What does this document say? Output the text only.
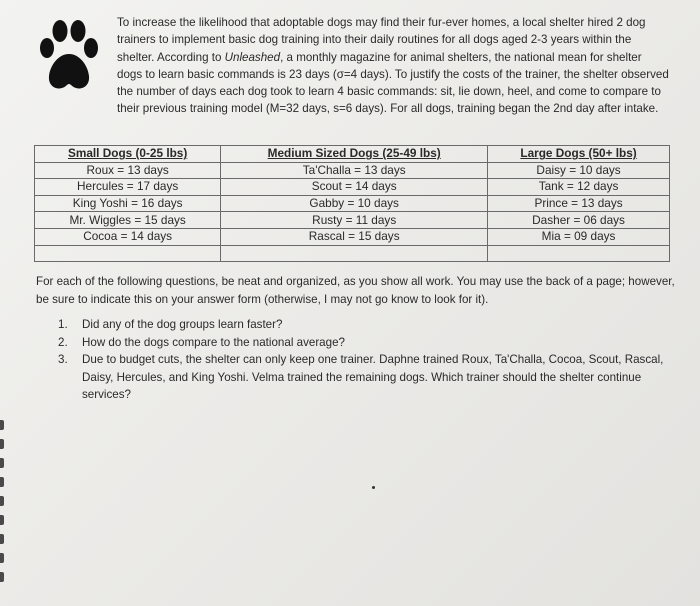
To increase the likelihood that adoptable dogs may find their fur-ever homes, a local shelter hired 2 dog trainers to implement basic dog training into their daily routines for all dogs aged 2-3 years within the shelter. According to Unleashed, a monthly magazine for animal shelters, the national mean for shelter dogs to learn basic commands is 23 days (σ=4 days). To justify the costs of the trainer, the shelter observed the number of days each dog took to learn 4 basic commands: sit, lie down, heel, and come to compare to their previous training model (M=32 days, s=6 days). For all dogs, training began the 2nd day after intake.

Small Dogs (0-25 lbs)	Medium Sized Dogs (25-49 lbs)	Large Dogs (50+ lbs)
Roux = 13 days	Ta'Challa = 13 days	Daisy = 10 days
Hercules = 17 days	Scout = 14 days	Tank = 12 days
King Yoshi = 16 days	Gabby = 10 days	Prince = 13 days
Mr. Wiggles = 15 days	Rusty = 11 days	Dasher = 06 days
Cocoa = 14 days	Rascal = 15 days	Mia = 09 days

For each of the following questions, be neat and organized, as you show all work. You may use the back of a page; however, be sure to indicate this on your answer form (otherwise, I may not go know to look for it).

1. Did any of the dog groups learn faster?
2. How do the dogs compare to the national average?
3. Due to budget cuts, the shelter can only keep one trainer. Daphne trained Roux, Ta'Challa, Cocoa, Scout, Rascal, Daisy, Hercules, and King Yoshi. Velma trained the remaining dogs. Which trainer should the shelter continue services?
